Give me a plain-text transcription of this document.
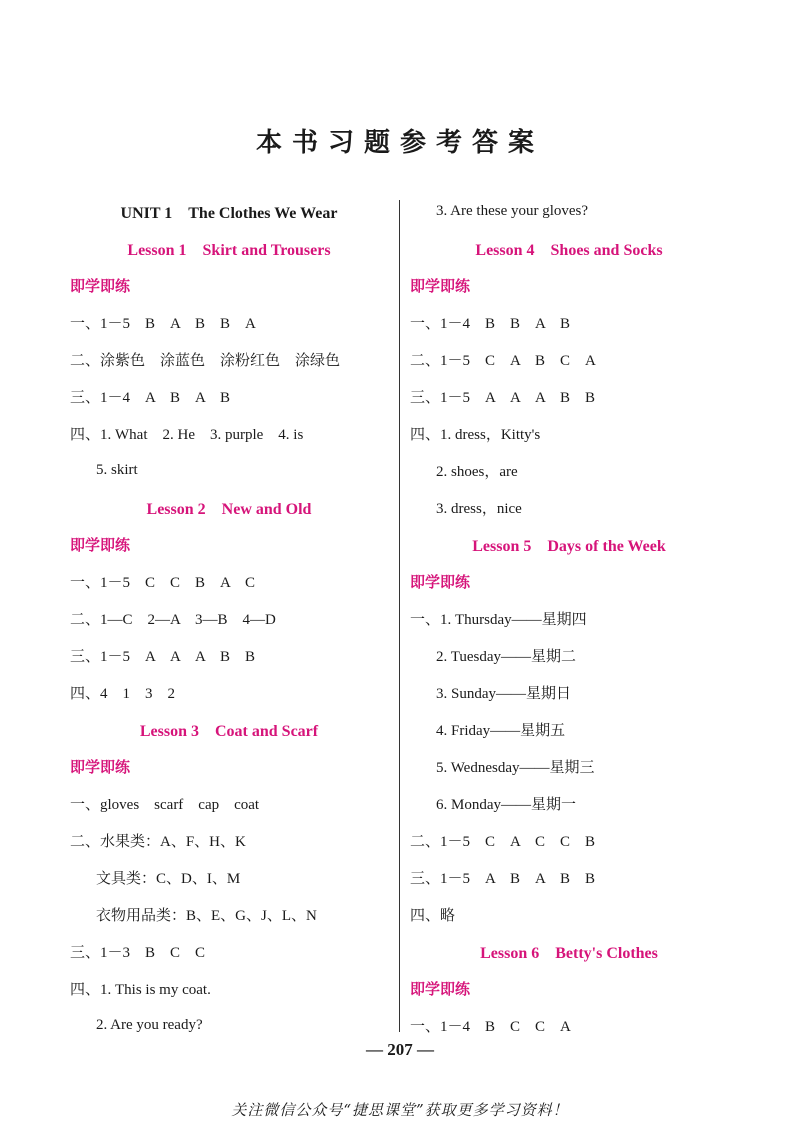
本书习题参考答案
UNIT 1　The Clothes We Wear
Lesson 1　Skirt and Trousers
即学即练
一、1－5　B　A　B　B　A
二、涂紫色　涂蓝色　涂粉红色　涂绿色
三、1－4　A　B　A　B
四、1. What　2. He　3. purple　4. is
5. skirt
Lesson 2　New and Old
即学即练
一、1－5　C　C　B　A　C
二、1—C　2—A　3—B　4—D
三、1－5　A　A　A　B　B
四、4　1　3　2
Lesson 3　Coat and Scarf
即学即练
一、gloves　scarf　cap　coat
二、水果类：A、F、H、K
文具类：C、D、I、M
衣物用品类：B、E、G、J、L、N
三、1－3　B　C　C
四、1. This is my coat.
2. Are you ready?
3. Are these your gloves?
Lesson 4　Shoes and Socks
即学即练
一、1－4　B　B　A　B
二、1－5　C　A　B　C　A
三、1－5　A　A　A　B　B
四、1. dress，Kitty's
2. shoes，are
3. dress，nice
Lesson 5　Days of the Week
即学即练
一、1. Thursday——星期四
2. Tuesday——星期二
3. Sunday——星期日
4. Friday——星期五
5. Wednesday——星期三
6. Monday——星期一
二、1－5　C　A　C　C　B
三、1－5　A　B　A　B　B
四、略
Lesson 6　Betty's Clothes
即学即练
一、1－4　B　C　C　A
— 207 —
关注微信公众号“捷思课堂”获取更多学习资料！
